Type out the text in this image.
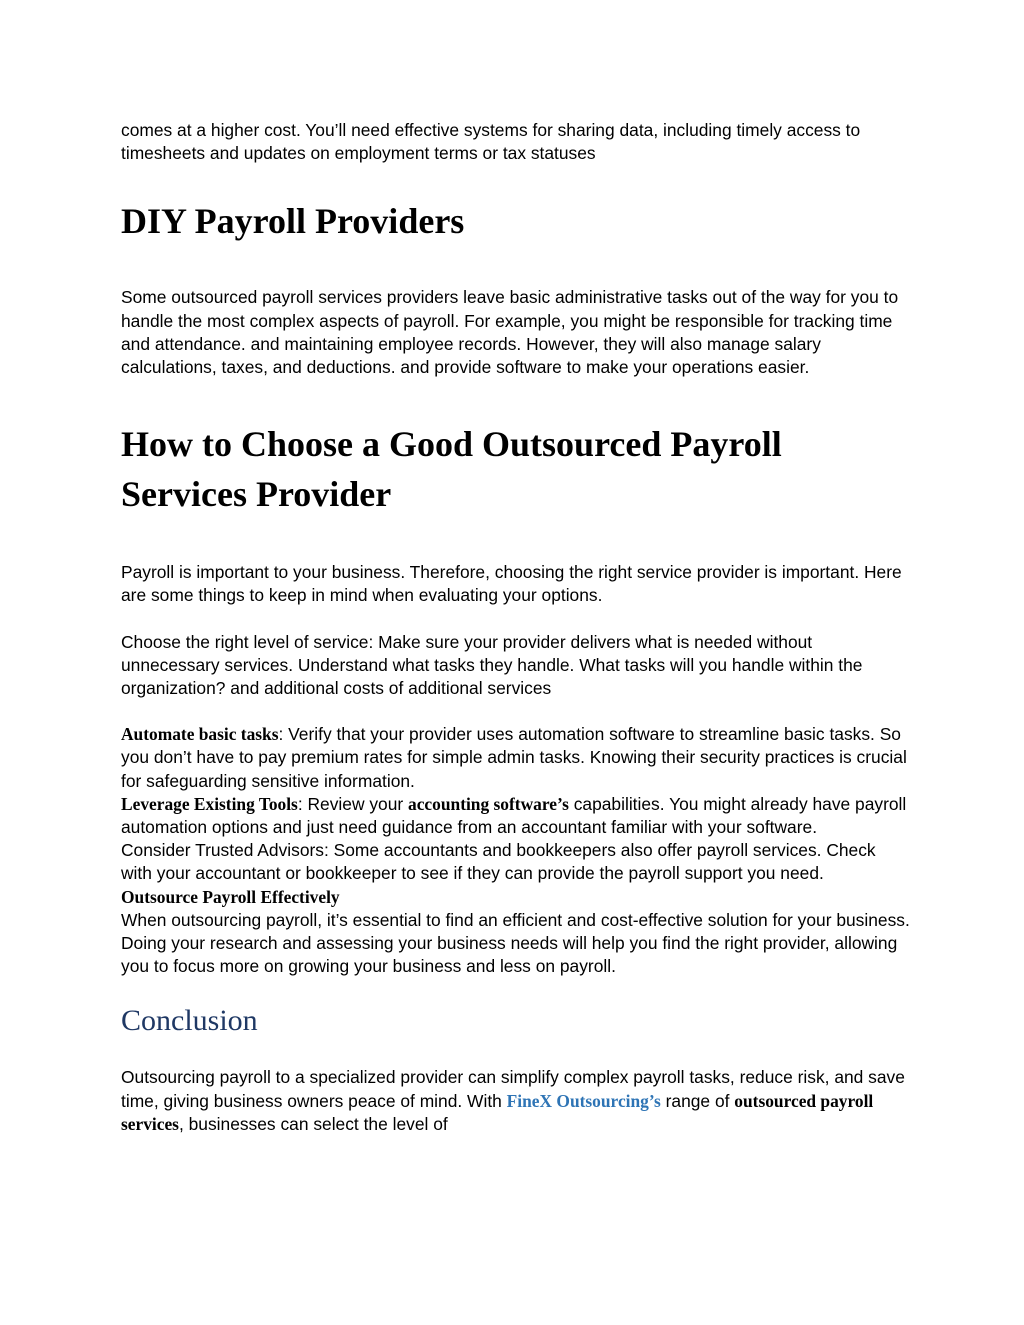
comes at a higher cost. You’ll need effective systems for sharing data, including timely access to timesheets and updates on employment terms or tax statuses

DIY Payroll Providers

Some outsourced payroll services providers leave basic administrative tasks out of the way for you to handle the most complex aspects of payroll. For example, you might be responsible for tracking time and attendance. and maintaining employee records. However, they will also manage salary calculations, taxes, and deductions. and provide software to make your operations easier.

How to Choose a Good Outsourced Payroll Services Provider

Payroll is important to your business. Therefore, choosing the right service provider is important. Here are some things to keep in mind when evaluating your options.

Choose the right level of service: Make sure your provider delivers what is needed without unnecessary services. Understand what tasks they handle. What tasks will you handle within the organization? and additional costs of additional services

Automate basic tasks: Verify that your provider uses automation software to streamline basic tasks. So you don’t have to pay premium rates for simple admin tasks. Knowing their security practices is crucial for safeguarding sensitive information.

Leverage Existing Tools: Review your accounting software’s capabilities. You might already have payroll automation options and just need guidance from an accountant familiar with your software.

Consider Trusted Advisors: Some accountants and bookkeepers also offer payroll services. Check with your accountant or bookkeeper to see if they can provide the payroll support you need.

Outsource Payroll Effectively

When outsourcing payroll, it’s essential to find an efficient and cost-effective solution for your business. Doing your research and assessing your business needs will help you find the right provider, allowing you to focus more on growing your business and less on payroll.

Conclusion

Outsourcing payroll to a specialized provider can simplify complex payroll tasks, reduce risk, and save time, giving business owners peace of mind. With FineX Outsourcing’s range of outsourced payroll services, businesses can select the level of
